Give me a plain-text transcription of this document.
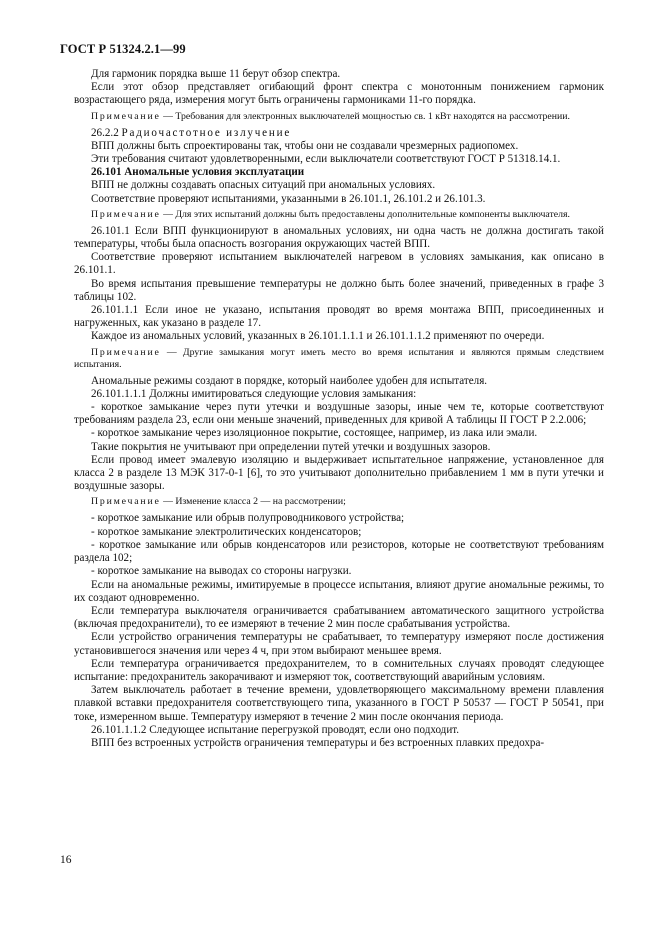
ГОСТ Р 51324.2.1—99

Для гармоник порядка выше 11 берут обзор спектра.

Если этот обзор представляет огибающий фронт спектра с монотонным понижением гармоник возрастающего ряда, измерения могут быть ограничены гармониками 11-го порядка.

Примечание — Требования для электронных выключателей мощностью св. 1 кВт находятся на рассмотрении.

26.2.2 Радиочастотное излучение

ВПП должны быть спроектированы так, чтобы они не создавали чрезмерных радиопомех.

Эти требования считают удовлетворенными, если выключатели соответствуют ГОСТ Р 51318.14.1.

26.101 Аномальные условия эксплуатации

ВПП не должны создавать опасных ситуаций при аномальных условиях.

Соответствие проверяют испытаниями, указанными в 26.101.1, 26.101.2 и 26.101.3.

Примечание — Для этих испытаний должны быть предоставлены дополнительные компоненты выключателя.

26.101.1 Если ВПП функционируют в аномальных условиях, ни одна часть не должна достигать такой температуры, чтобы была опасность возгорания окружающих частей ВПП.

Соответствие проверяют испытанием выключателей нагревом в условиях замыкания, как описано в 26.101.1.

Во время испытания превышение температуры не должно быть более значений, приведенных в графе 3 таблицы 102.

26.101.1.1 Если иное не указано, испытания проводят во время монтажа ВПП, присоединенных и нагруженных, как указано в разделе 17.

Каждое из аномальных условий, указанных в 26.101.1.1.1 и 26.101.1.1.2 применяют по очереди.

Примечание — Другие замыкания могут иметь место во время испытания и являются прямым следствием испытания.

Аномальные режимы создают в порядке, который наиболее удобен для испытателя.

26.101.1.1.1 Должны имитироваться следующие условия замыкания:

- короткое замыкание через пути утечки и воздушные зазоры, иные чем те, которые соответствуют требованиям раздела 23, если они меньше значений, приведенных для кривой А таблицы II ГОСТ Р 2.2.006;

- короткое замыкание через изоляционное покрытие, состоящее, например, из лака или эмали.

Такие покрытия не учитывают при определении путей утечки и воздушных зазоров.

Если провод имеет эмалевую изоляцию и выдерживает испытательное напряжение, установленное для класса 2 в разделе 13 МЭК 317-0-1 [6], то это учитывают дополнительно прибавлением 1 мм в пути утечки и воздушные зазоры.

Примечание — Изменение класса 2 — на рассмотрении;

- короткое замыкание или обрыв полупроводникового устройства;

- короткое замыкание электролитических конденсаторов;

- короткое замыкание или обрыв конденсаторов или резисторов, которые не соответствуют требованиям раздела 102;

- короткое замыкание на выводах со стороны нагрузки.

Если на аномальные режимы, имитируемые в процессе испытания, влияют другие аномальные режимы, то их создают одновременно.

Если температура выключателя ограничивается срабатыванием автоматического защитного устройства (включая предохранители), то ее измеряют в течение 2 мин после срабатывания устройства.

Если устройство ограничения температуры не срабатывает, то температуру измеряют после достижения установившегося значения или через 4 ч, при этом выбирают меньшее время.

Если температура ограничивается предохранителем, то в сомнительных случаях проводят следующее испытание: предохранитель закорачивают и измеряют ток, соответствующий аварийным условиям.

Затем выключатель работает в течение времени, удовлетворяющего максимальному времени плавления плавкой вставки предохранителя соответствующего типа, указанного в ГОСТ Р 50537 — ГОСТ Р 50541, при токе, измеренном выше. Температуру измеряют в течение 2 мин после окончания периода.

26.101.1.1.2 Следующее испытание перегрузкой проводят, если оно подходит.

ВПП без встроенных устройств ограничения температуры и без встроенных плавких предохра-

16
